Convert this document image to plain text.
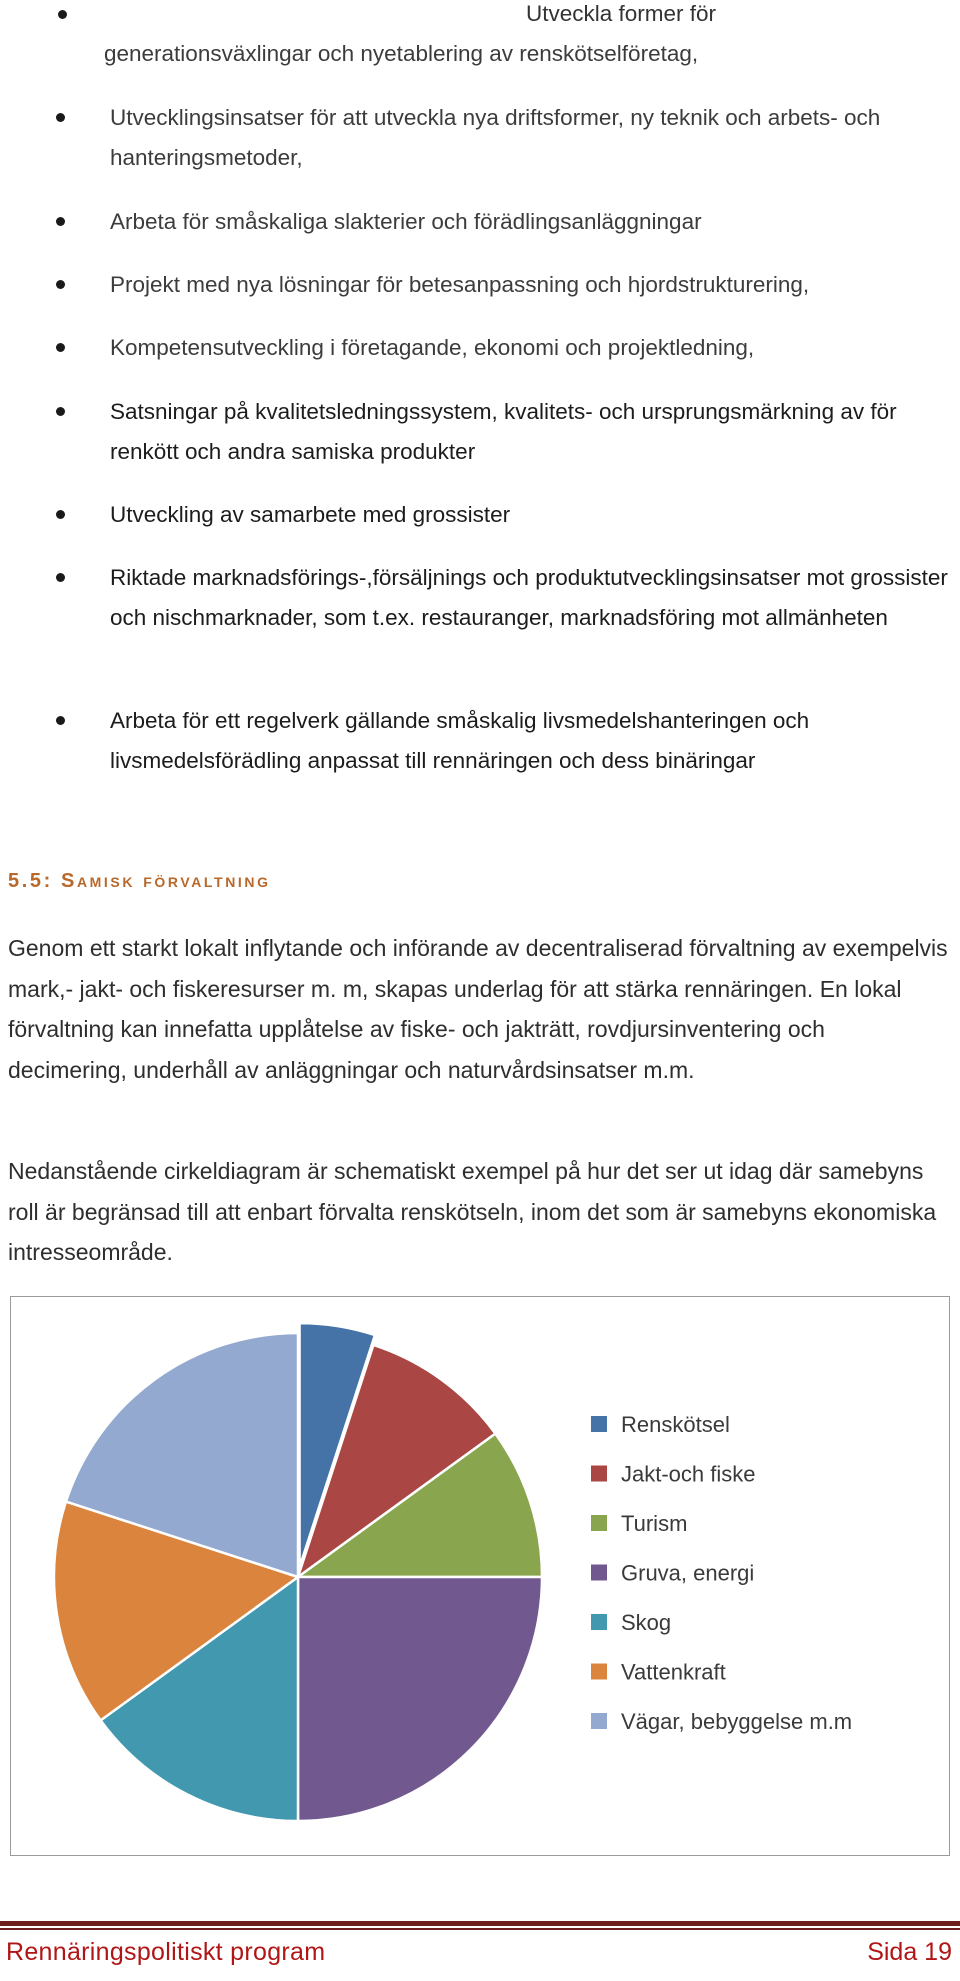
Utveckla former för
generationsväxlingar och nyetablering av renskötselföretag,
Utvecklingsinsatser för att utveckla nya driftsformer, ny teknik och arbets- och hanteringsmetoder,
Arbeta för småskaliga slakterier och förädlingsanläggningar
Projekt med nya lösningar för betesanpassning och hjordstrukturering,
Kompetensutveckling i företagande, ekonomi och projektledning,
Satsningar på kvalitetsledningssystem, kvalitets- och ursprungsmärkning av för renkött och andra samiska produkter
Utveckling av samarbete med grossister
Riktade marknadsförings-,försäljnings och produktutvecklingsinsatser mot grossister och nischmarknader, som t.ex. restauranger, marknadsföring mot allmänheten
Arbeta för ett regelverk gällande småskalig livsmedelshanteringen och livsmedelsförädling anpassat till rennäringen och dess binäringar
5.5: Samisk förvaltning
Genom ett starkt lokalt inflytande och införande av decentraliserad förvaltning av exempelvis mark,- jakt- och fiskeresurser m. m, skapas underlag för att stärka rennäringen. En lokal förvaltning kan innefatta upplåtelse av fiske- och jakträtt, rovdjursinventering och decimering, underhåll av anläggningar och naturvårdsinsatser m.m.
Nedanstående cirkeldiagram är schematiskt exempel på hur det ser ut idag där samebyns roll är begränsad till att enbart förvalta renskötseln, inom det som är samebyns ekonomiska intresseområde.
Renskötsel
Jakt-och fiske
Turism
Gruva, energi
Skog
Vattenkraft
Vägar, bebyggelse m.m
Rennäringspolitiskt program	Sida 19
